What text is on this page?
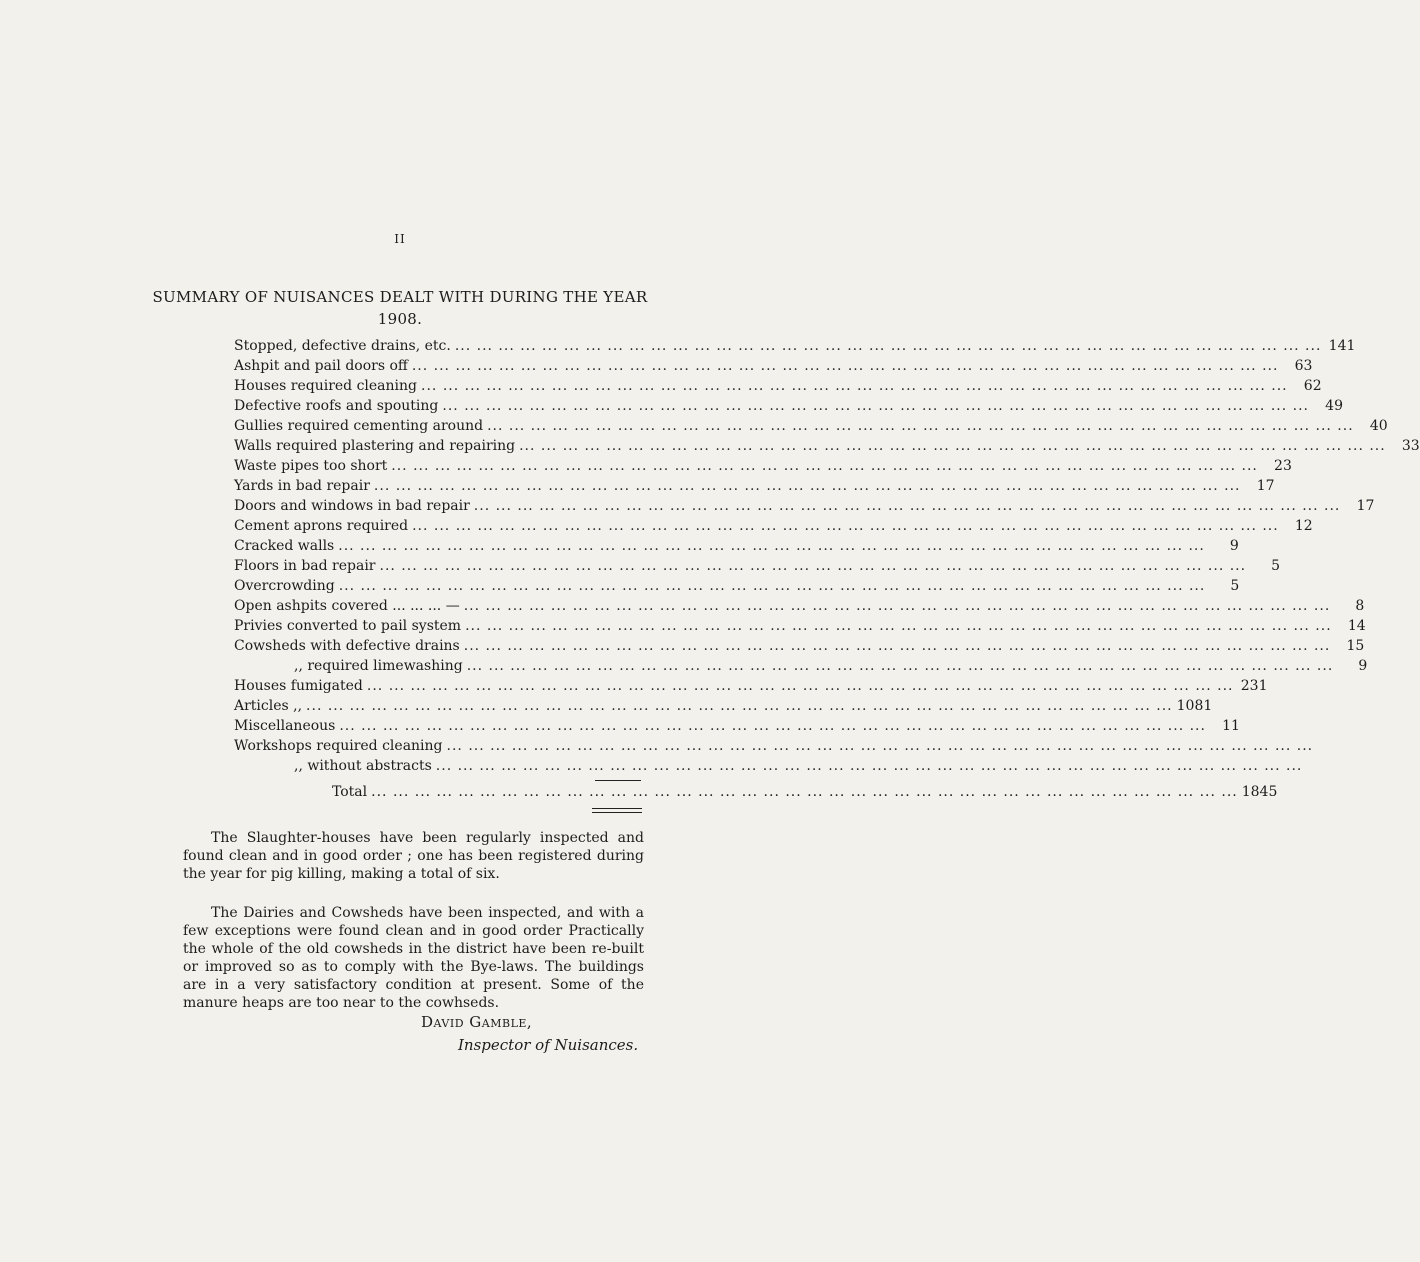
II
SUMMARY OF NUISANCES DEALT WITH DURING THE YEAR 1908.
Stopped, defective drains, etc. ... ... ... ... ... ... ... ... ... ... ... ... ... ... ... ... ... ... ... ... ... ... ... ... ... ... ... ... ... ... ... ... ... ... ... ... ... ... ... ... 141
Ashpit and pail doors off ... ... ... ... ... ... ... ... ... ... ... ... ... ... ... ... ... ... ... ... ... ... ... ... ... ... ... ... ... ... ... ... ... ... ... ... ... ... ... ...	63
Houses required cleaning ... ... ... ... ... ... ... ... ... ... ... ... ... ... ... ... ... ... ... ... ... ... ... ... ... ... ... ... ... ... ... ... ... ... ... ... ... ... ... ...	62
Defective roofs and spouting ... ... ... ... ... ... ... ... ... ... ... ... ... ... ... ... ... ... ... ... ... ... ... ... ... ... ... ... ... ... ... ... ... ... ... ... ... ... ... ...	49
Gullies required cementing around ... ... ... ... ... ... ... ... ... ... ... ... ... ... ... ... ... ... ... ... ... ... ... ... ... ... ... ... ... ... ... ... ... ... ... ... ... ... ... ...	40
Walls required plastering and repairing ... ... ... ... ... ... ... ... ... ... ... ... ... ... ... ... ... ... ... ... ... ... ... ... ... ... ... ... ... ... ... ... ... ... ... ... ... ... ... ...	33
Waste pipes too short ... ... ... ... ... ... ... ... ... ... ... ... ... ... ... ... ... ... ... ... ... ... ... ... ... ... ... ... ... ... ... ... ... ... ... ... ... ... ... ...	23
Yards in bad repair ... ... ... ... ... ... ... ... ... ... ... ... ... ... ... ... ... ... ... ... ... ... ... ... ... ... ... ... ... ... ... ... ... ... ... ... ... ... ... ...	17
Doors and windows in bad repair ... ... ... ... ... ... ... ... ... ... ... ... ... ... ... ... ... ... ... ... ... ... ... ... ... ... ... ... ... ... ... ... ... ... ... ... ... ... ... ...	17
Cement aprons required ... ... ... ... ... ... ... ... ... ... ... ... ... ... ... ... ... ... ... ... ... ... ... ... ... ... ... ... ... ... ... ... ... ... ... ... ... ... ... ...	12
Cracked walls ... ... ... ... ... ... ... ... ... ... ... ... ... ... ... ... ... ... ... ... ... ... ... ... ... ... ... ... ... ... ... ... ... ... ... ... ... ... ... ...	9
Floors in bad repair ... ... ... ... ... ... ... ... ... ... ... ... ... ... ... ... ... ... ... ... ... ... ... ... ... ... ... ... ... ... ... ... ... ... ... ... ... ... ... ...	5
Overcrowding ... ... ... ... ... ... ... ... ... ... ... ... ... ... ... ... ... ... ... ... ... ... ... ... ... ... ... ... ... ... ... ... ... ... ... ... ... ... ... ...	5
Open ashpits covered ... ... ... — ... ... ... ... ... ... ... ... ... ... ... ... ... ... ... ... ... ... ... ... ... ... ... ... ... ... ... ... ... ... ... ... ... ... ... ... ... ... ... ...	8
Privies converted to pail system ... ... ... ... ... ... ... ... ... ... ... ... ... ... ... ... ... ... ... ... ... ... ... ... ... ... ... ... ... ... ... ... ... ... ... ... ... ... ... ...	14
Cowsheds with defective drains ... ... ... ... ... ... ... ... ... ... ... ... ... ... ... ... ... ... ... ... ... ... ... ... ... ... ... ... ... ... ... ... ... ... ... ... ... ... ... ...	15
,, required limewashing ... ... ... ... ... ... ... ... ... ... ... ... ... ... ... ... ... ... ... ... ... ... ... ... ... ... ... ... ... ... ... ... ... ... ... ... ... ... ... ...	9
Houses fumigated ... ... ... ... ... ... ... ... ... ... ... ... ... ... ... ... ... ... ... ... ... ... ... ... ... ... ... ... ... ... ... ... ... ... ... ... ... ... ... ... 231
Articles ,, ... ... ... ... ... ... ... ... ... ... ... ... ... ... ... ... ... ... ... ... ... ... ... ... ... ... ... ... ... ... ... ... ... ... ... ... ... ... ... ... 1081
Miscellaneous ... ... ... ... ... ... ... ... ... ... ... ... ... ... ... ... ... ... ... ... ... ... ... ... ... ... ... ... ... ... ... ... ... ... ... ... ... ... ... ...	11
Workshops required cleaning ... ... ... ... ... ... ... ... ... ... ... ... ... ... ... ... ... ... ... ... ... ... ... ... ... ... ... ... ... ... ... ... ... ... ... ... ... ... ... ...
,, without abstracts ... ... ... ... ... ... ... ... ... ... ... ... ... ... ... ... ... ... ... ... ... ... ... ... ... ... ... ... ... ... ... ... ... ... ... ... ... ... ... ...
Total ... ... ... ... ... ... ... ... ... ... ... ... ... ... ... ... ... ... ... ... ... ... ... ... ... ... ... ... ... ... ... ... ... ... ... ... ... ... ... ... 1845

The Slaughter-houses have been regularly inspected and found clean and in good order ; one has been registered during the year for pig killing, making a total of six.

The Dairies and Cowsheds have been inspected, and with a few exceptions were found clean and in good order Practically the whole of the old cowsheds in the district have been re-built or improved so as to comply with the Bye-laws. The buildings are in a very satisfactory condition at present. Some of the manure heaps are too near to the cowhseds.

David Gamble,
Inspector of Nuisances.
